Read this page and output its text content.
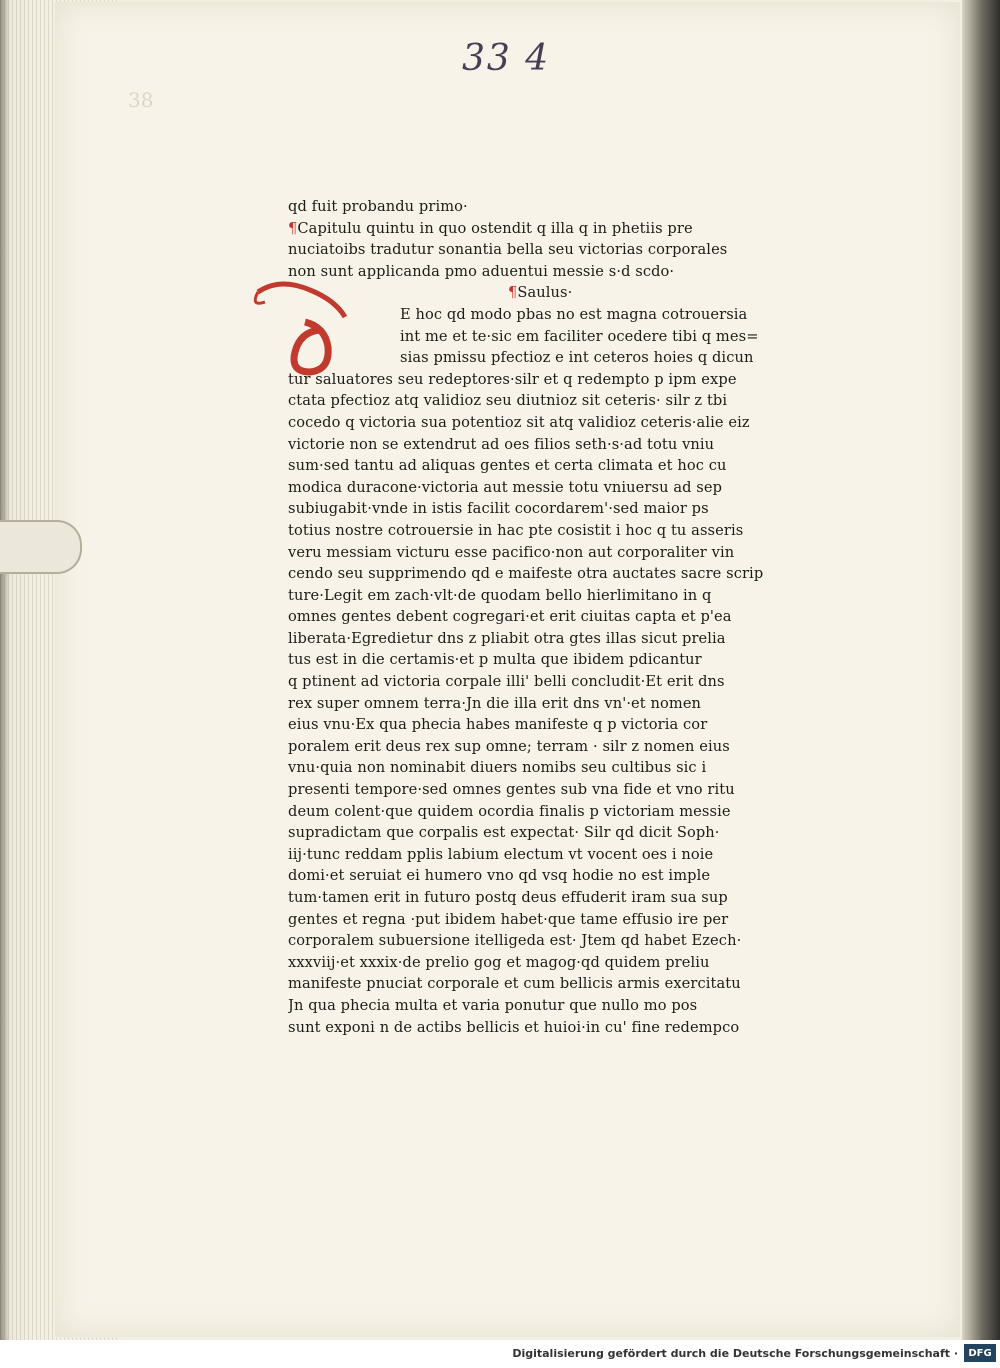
38
33 4
qd fuit probandu primo·
¶Capitulu quintu in quo ostendit q illa q in phetiis pre
nuciatoibs tradutur sonantia bella seu victorias corporales
non sunt applicanda pmo aduentui messie s·d scdo·
¶Saulus·
E hoc qd modo pbas no est magna cotrouersia
int me et te·sic em faciliter ocedere tibi q mes=
sias pmissu pfectioz e int ceteros hoies q dicun
tur saluatores seu redeptores·silr et q redempto p ipm expe
ctata pfectioz atq validioz seu diutnioz sit ceteris· silr z tbi
cocedo q victoria sua potentioz sit atq validioz ceteris·alie eiz
victorie non se extendrut ad oes filios seth·s·ad totu vniu
sum·sed tantu ad aliquas gentes et certa climata et hoc cu
modica duracone·victoria aut messie totu vniuersu ad sep
subiugabit·vnde in istis facilit cocordarem'·sed maior ps
totius nostre cotrouersie in hac pte cosistit i hoc q tu asseris
veru messiam victuru esse pacifico·non aut corporaliter vin
cendo seu supprimendo qd e maifeste otra auctates sacre scrip
ture·Legit em zach·vlt·de quodam bello hierlimitano in q
omnes gentes debent cogregari·et erit ciuitas capta et p'ea
liberata·Egredietur dns z pliabit otra gtes illas sicut prelia
tus est in die certamis·et p multa que ibidem pdicantur
q ptinent ad victoria corpale illi' belli concludit·Et erit dns
rex super omnem terra·Jn die illa erit dns vn'·et nomen
eius vnu·Ex qua phecia habes manifeste q p victoria cor
poralem erit deus rex sup omne; terram · silr z nomen eius
vnu·quia non nominabit diuers nomibs seu cultibus sic i
presenti tempore·sed omnes gentes sub vna fide et vno ritu
deum colent·que quidem ocordia finalis p victoriam messie
supradictam que corpalis est expectat· Silr qd dicit Soph·
iij·tunc reddam pplis labium electum vt vocent oes i noie
domi·et seruiat ei humero vno qd vsq hodie no est imple
tum·tamen erit in futuro postq deus effuderit iram sua sup
gentes et regna ·put ibidem habet·que tame effusio ire per
corporalem subuersione itelligeda est· Jtem qd habet Ezech·
xxxviij·et xxxix·de prelio gog et magog·qd quidem preliu
manifeste pnuciat corporale et cum bellicis armis exercitatu
Jn qua phecia multa et varia ponutur que nullo mo pos
sunt exponi n de actibs bellicis et huioi·in cu' fine redempco
Digitalisierung gefördert durch die Deutsche Forschungsgemeinschaft ·	DFG
